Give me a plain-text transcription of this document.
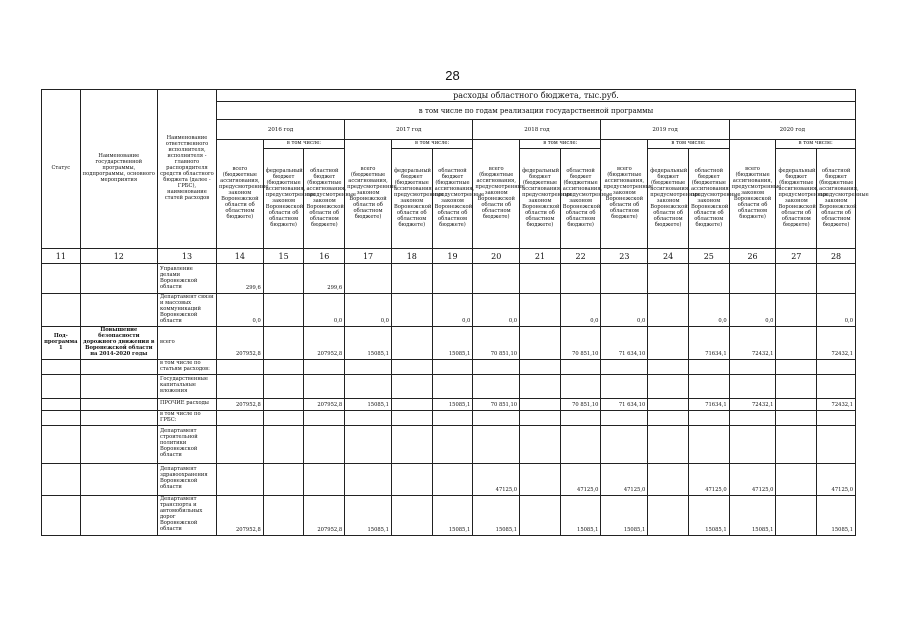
28
Статус	Наименование государственной программы, подпрограммы, основного мероприятия	Наименование ответственного исполнителя, исполнителя - главного распорядителя средств областного бюджета (далее - ГРБС), наименование статей расходов	расходы областного бюджета, тыс.руб.														
			в том числе по годам реализации государственной программы														
			2016 год			2017 год			2018 год			2019 год			2020 год		
			всего (бюджетные ассигнования, предусмотренные законом Воронежской области об областном бюджете)	в том числе:		всего (бюджетные ассигнования, предусмотренные законом Воронежской области об областном бюджете)	в том числе:		всего (бюджетные ассигнования, предусмотренные законом Воронежской области об областном бюджете)	в том числе:		всего (бюджетные ассигнования, предусмотренные законом Воронежской области об областном бюджете)	в том числе:		всего (бюджетные ассигнования, предусмотренные законом Воронежской области об областном бюджете)	в том числе:	
				федеральный бюджет (бюджетные ассигнования, предусмотренные законом Воронежской области об областном бюджете)	областной бюджет (бюджетные ассигнования, предусмотренные законом Воронежской области об областном бюджете)		федеральный бюджет (бюджетные ассигнования, предусмотренные законом Воронежской области об областном бюджете)	областной бюджет (бюджетные ассигнования, предусмотренные законом Воронежской области об областном бюджете)		федеральный бюджет (бюджетные ассигнования, предусмотренные законом Воронежской области об областном бюджете)	областной бюджет (бюджетные ассигнования, предусмотренные законом Воронежской области об областном бюджете)		федеральный бюджет (бюджетные ассигнования, предусмотренные законом Воронежской области об областном бюджете)	областной бюджет (бюджетные ассигнования, предусмотренные законом Воронежской области об областном бюджете)		федеральный бюджет (бюджетные ассигнования, предусмотренные законом Воронежской области об областном бюджете)	областной бюджет (бюджетные ассигнования, предусмотренные законом Воронежской области об областном бюджете)
11	12	13	14	15	16	17	18	19	20	21	22	23	24	25	26	27	28
		Управление делами Воронежской области	299,6		299,6												
		Департамент связи и массовых коммуникаций Воронежской области	0,0		0,0	0,0		0,0	0,0		0,0	0,0		0,0	0,0		0,0
Под-программа 1	Повышение безопасности дорожного движения в Воронежской области на 2014-2020 годы	всего	207952,8		207952,8	15085,1		15085,1	70 851,10		70 851,10	71 634,10		71634,1	72432,1		72432,1
		в том числе по статьям расходов:															
		Государственные капитальные вложения															
		ПРОЧИЕ расходы	207952,8		207952,8	15085,1		15085,1	70 851,10		70 851,10	71 634,10		71634,1	72432,1		72432,1
		в том числе по ГРБС:															
		Департамент строительной политики Воронежской области															
		Департамент здравоохранения Воронежской области							47125,0		47125,0	47125,0		47125,0	47125,0		47125,0
		Департамент транспорта и автомобильных дорог Воронежской области	207952,8		207952,8	15085,1		15085,1	15085,1		15085,1	15085,1		15085,1	15085,1		15085,1
